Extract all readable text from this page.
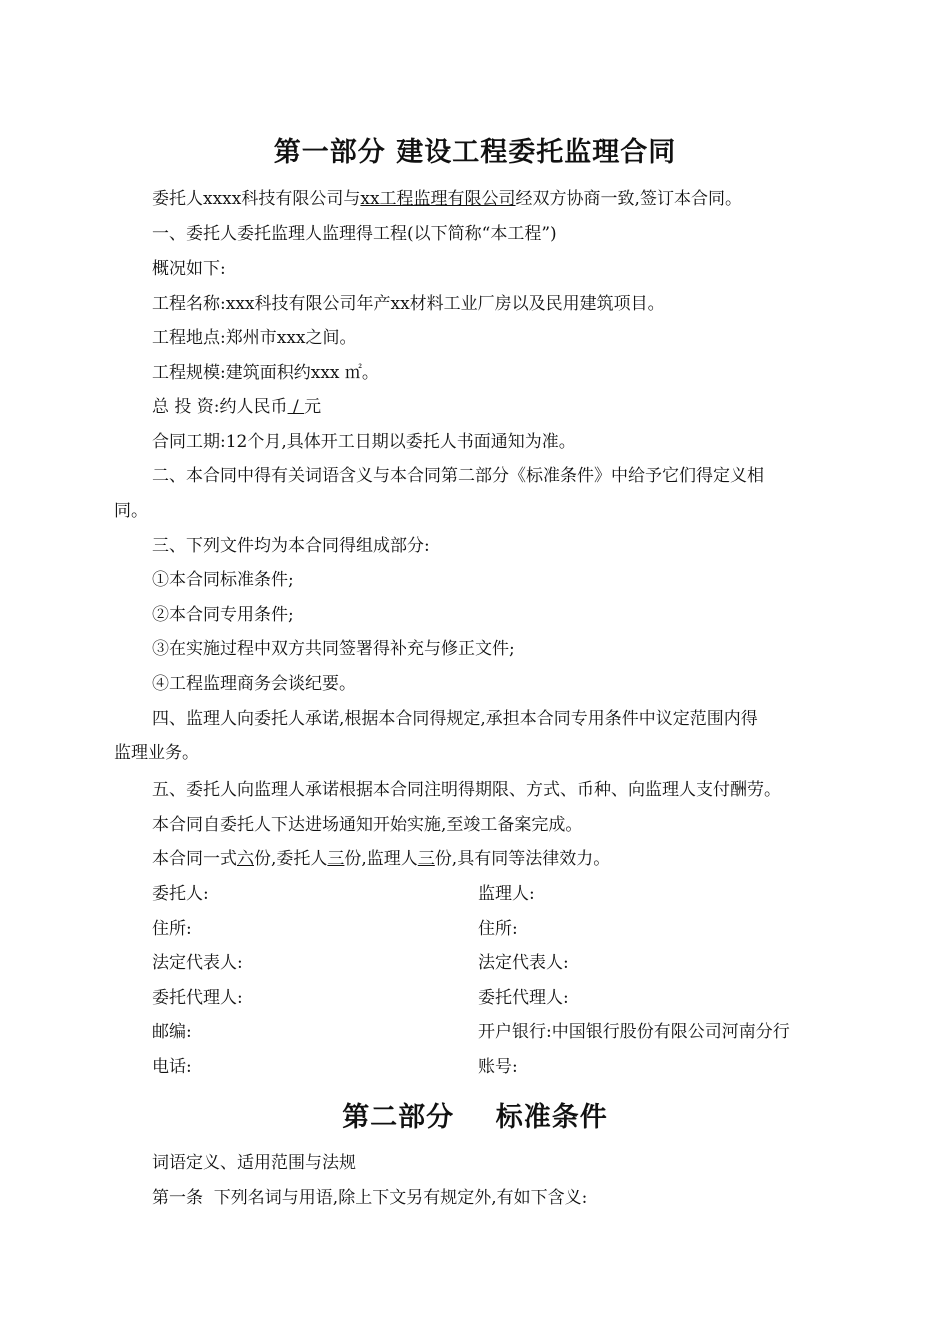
第一部分 建设工程委托监理合同
委托人xxxx科技有限公司与xx工程监理有限公司经双方协商一致,签订本合同。
一、委托人委托监理人监理得工程(以下简称“本工程”)
概况如下:
工程名称:xxx科技有限公司年产xx材料工业厂房以及民用建筑项目。
工程地点:郑州市xxx之间。
工程规模:建筑面积约xxx ㎡。
总 投 资:约人民币 / 元
合同工期:12个月,具体开工日期以委托人书面通知为准。
二、本合同中得有关词语含义与本合同第二部分《标准条件》中给予它们得定义相
同。
三、下列文件均为本合同得组成部分:
①本合同标准条件;
②本合同专用条件;
③在实施过程中双方共同签署得补充与修正文件;
④工程监理商务会谈纪要。
四、监理人向委托人承诺,根据本合同得规定,承担本合同专用条件中议定范围内得
监理业务。
五、委托人向监理人承诺根据本合同注明得期限、方式、币种、向监理人支付酬劳。
本合同自委托人下达进场通知开始实施,至竣工备案完成。
本合同一式六份,委托人三份,监理人三份,具有同等法律效力。
委托人:	监理人:
住所:	住所:
法定代表人:	法定代表人:
委托代理人:	委托代理人:
邮编:	开户银行:中国银行股份有限公司河南分行
电话:	账号:
第二部分    标准条件
词语定义、适用范围与法规
第一条  下列名词与用语,除上下文另有规定外,有如下含义:
